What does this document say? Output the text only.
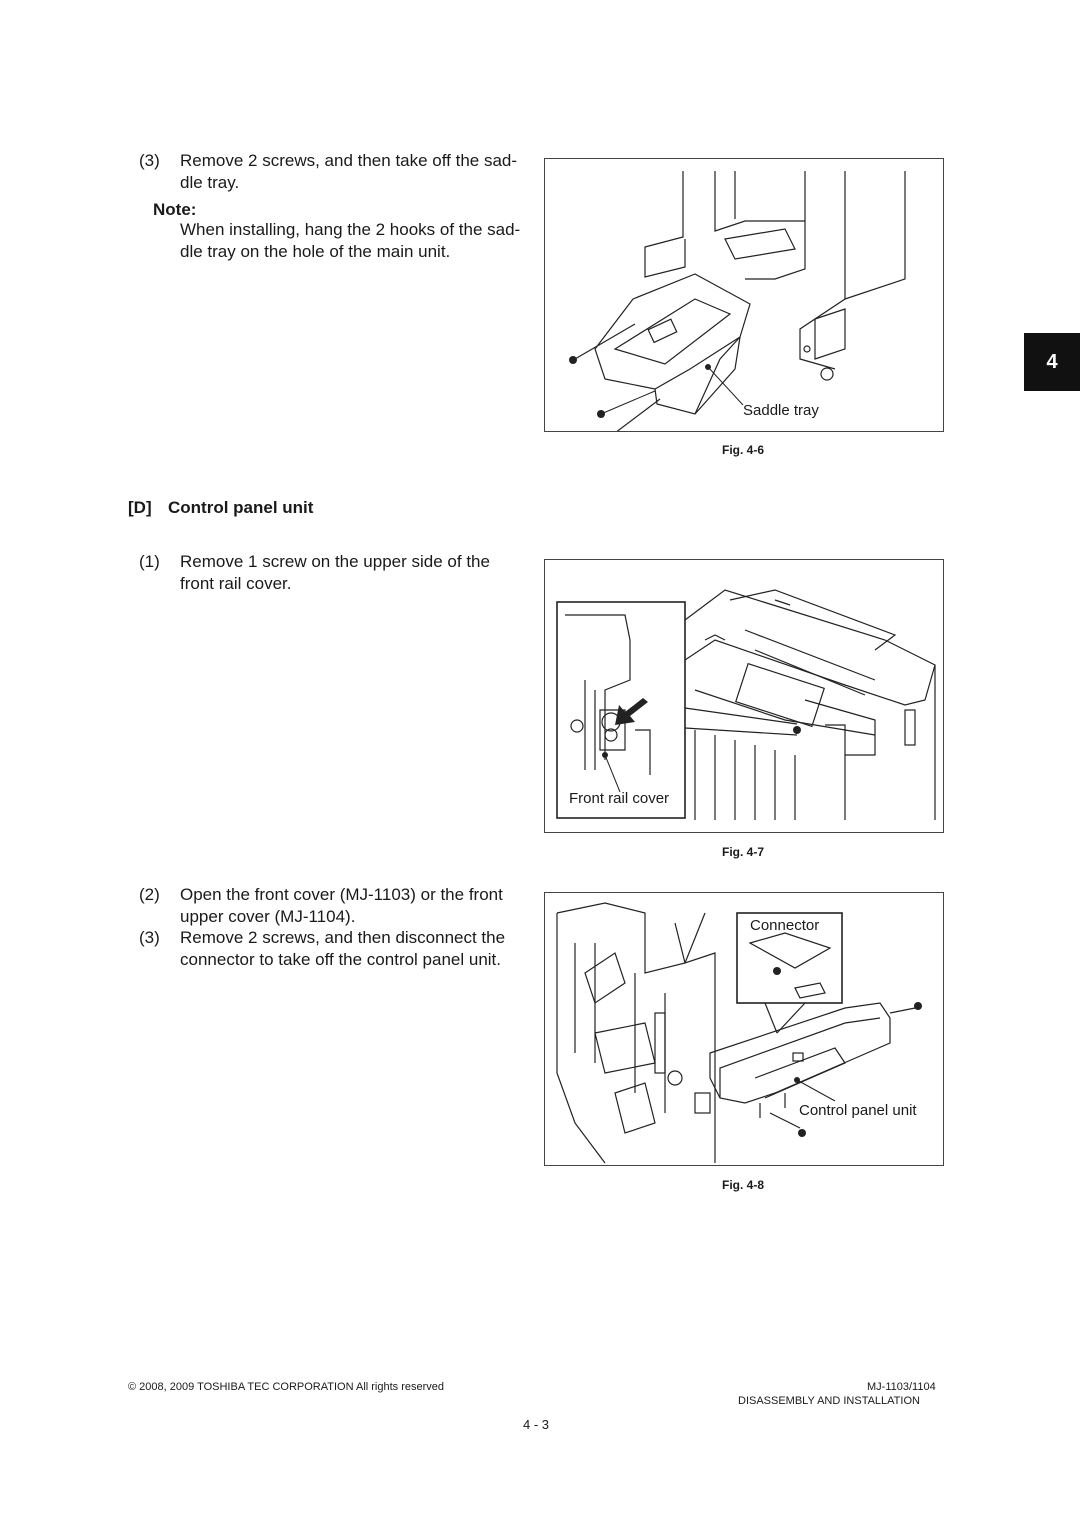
4
(3) Remove 2 screws, and then take off the sad-
dle tray.
Note:
When installing, hang the 2 hooks of the sad-
dle tray on the hole of the main unit.
Saddle tray
Fig. 4-6
[D] Control panel unit
(1) Remove 1 screw on the upper side of the
front rail cover.
Front rail cover
Fig. 4-7
(2) Open the front cover (MJ-1103) or the front
upper cover (MJ-1104).
(3) Remove 2 screws, and then disconnect the
connector to take off the control panel unit.
Connector
Control panel unit
Fig. 4-8
© 2008, 2009 TOSHIBA TEC CORPORATION All rights reserved	MJ-1103/1104
DISASSEMBLY AND INSTALLATION
4 - 3
